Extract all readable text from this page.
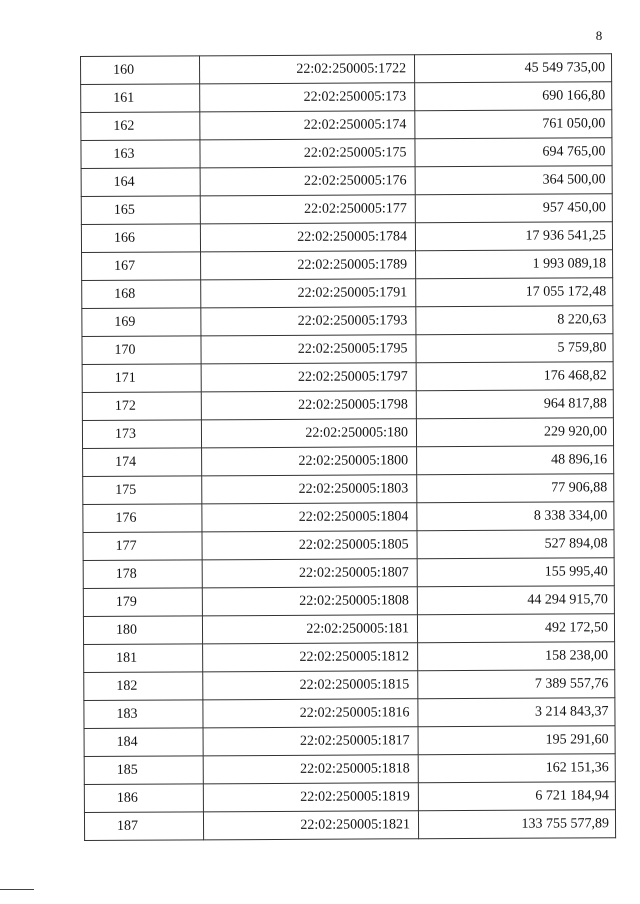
8
160	22:02:250005:1722	45 549 735,00
161	22:02:250005:173	690 166,80
162	22:02:250005:174	761 050,00
163	22:02:250005:175	694 765,00
164	22:02:250005:176	364 500,00
165	22:02:250005:177	957 450,00
166	22:02:250005:1784	17 936 541,25
167	22:02:250005:1789	1 993 089,18
168	22:02:250005:1791	17 055 172,48
169	22:02:250005:1793	8 220,63
170	22:02:250005:1795	5 759,80
171	22:02:250005:1797	176 468,82
172	22:02:250005:1798	964 817,88
173	22:02:250005:180	229 920,00
174	22:02:250005:1800	48 896,16
175	22:02:250005:1803	77 906,88
176	22:02:250005:1804	8 338 334,00
177	22:02:250005:1805	527 894,08
178	22:02:250005:1807	155 995,40
179	22:02:250005:1808	44 294 915,70
180	22:02:250005:181	492 172,50
181	22:02:250005:1812	158 238,00
182	22:02:250005:1815	7 389 557,76
183	22:02:250005:1816	3 214 843,37
184	22:02:250005:1817	195 291,60
185	22:02:250005:1818	162 151,36
186	22:02:250005:1819	6 721 184,94
187	22:02:250005:1821	133 755 577,89
